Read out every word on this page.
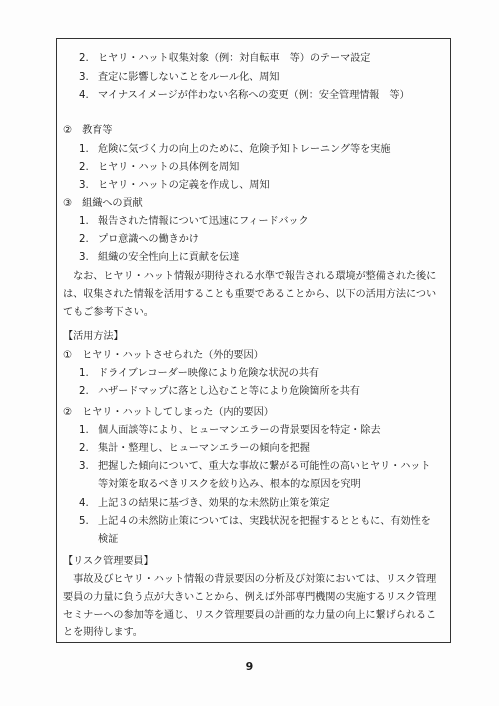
2. ヒヤリ・ハット収集対象（例：対自転車　等）のテーマ設定
3. 査定に影響しないことをルール化、周知
4. マイナスイメージが伴わない名称への変更（例：安全管理情報　等）
②　教育等
1. 危険に気づく力の向上のために、危険予知トレーニング等を実施
2. ヒヤリ・ハットの具体例を周知
3. ヒヤリ・ハットの定義を作成し、周知
③　組織への貢献
1. 報告された情報について迅速にフィードバック
2. プロ意識への働きかけ
3. 組織の安全性向上に貢献を伝達
　なお、ヒヤリ・ハット情報が期待される水準で報告される環境が整備された後に
は、収集された情報を活用することも重要であることから、以下の活用方法につい
てもご参考下さい。
【活用方法】
①　ヒヤリ・ハットさせられた（外的要因）
1. ドライブレコーダー映像により危険な状況の共有
2. ハザードマップに落とし込むこと等により危険箇所を共有
②　ヒヤリ・ハットしてしまった（内的要因）
1. 個人面談等により、ヒューマンエラーの背景要因を特定・除去
2. 集計・整理し、ヒューマンエラーの傾向を把握
3. 把握した傾向について、重大な事故に繋がる可能性の高いヒヤリ・ハット
等対策を取るべきリスクを絞り込み、根本的な原因を究明
4. 上記３の結果に基づき、効果的な未然防止策を策定
5. 上記４の未然防止策については、実践状況を把握するとともに、有効性を
検証
【リスク管理要員】
　事故及びヒヤリ・ハット情報の背景要因の分析及び対策においては、リスク管理
要員の力量に負う点が大きいことから、例えば外部専門機関の実施するリスク管理
セミナーへの参加等を通じ、リスク管理要員の計画的な力量の向上に繋げられるこ
とを期待します。
9
